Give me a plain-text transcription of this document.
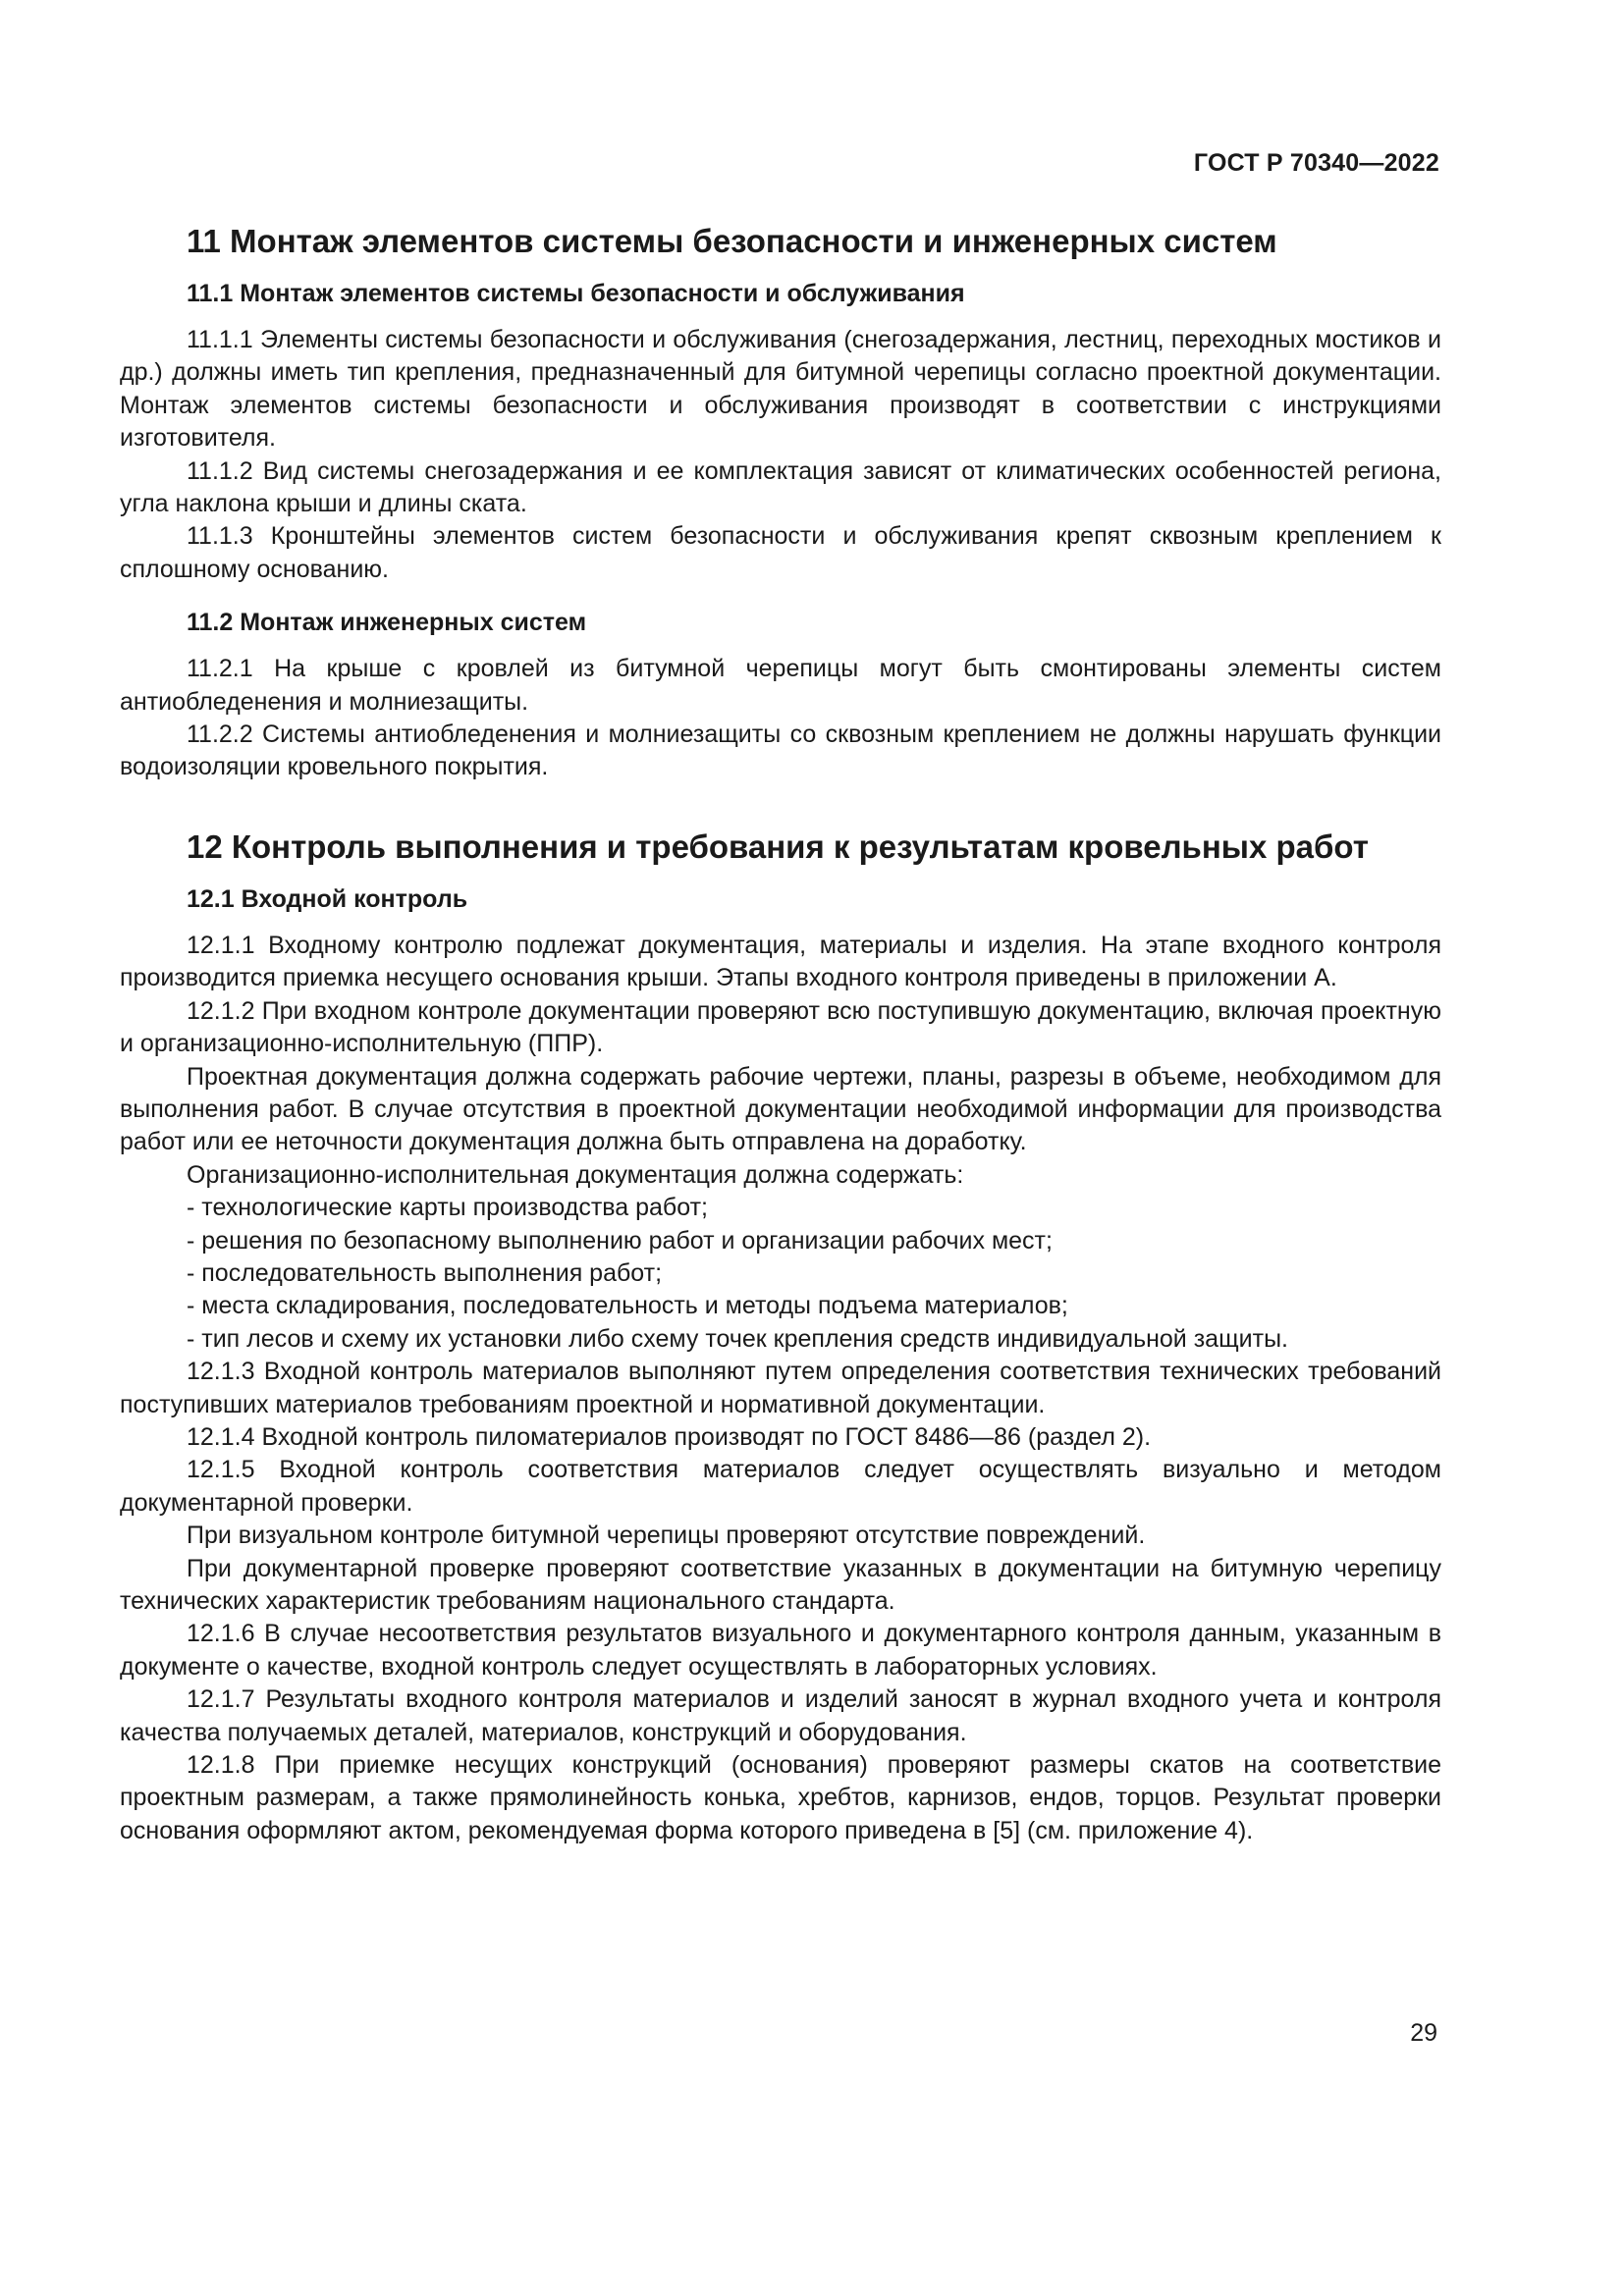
ГОСТ Р 70340—2022
11 Монтаж элементов системы безопасности и инженерных систем
11.1 Монтаж элементов системы безопасности и обслуживания

11.1.1 Элементы системы безопасности и обслуживания (снегозадержания, лестниц, переходных мостиков и др.) должны иметь тип крепления, предназначенный для битумной черепицы согласно проектной документации. Монтаж элементов системы безопасности и обслуживания производят в соответствии с инструкциями изготовителя.

11.1.2 Вид системы снегозадержания и ее комплектация зависят от климатических особенностей региона, угла наклона крыши и длины ската.

11.1.3 Кронштейны элементов систем безопасности и обслуживания крепят сквозным креплением к сплошному основанию.

11.2 Монтаж инженерных систем

11.2.1 На крыше с кровлей из битумной черепицы могут быть смонтированы элементы систем антиобледенения и молниезащиты.

11.2.2 Системы антиобледенения и молниезащиты со сквозным креплением не должны нарушать функции водоизоляции кровельного покрытия.

12 Контроль выполнения и требования к результатам кровельных работ
12.1 Входной контроль

12.1.1 Входному контролю подлежат документация, материалы и изделия. На этапе входного контроля производится приемка несущего основания крыши. Этапы входного контроля приведены в приложении А.

12.1.2 При входном контроле документации проверяют всю поступившую документацию, включая проектную и организационно-исполнительную (ППР).

Проектная документация должна содержать рабочие чертежи, планы, разрезы в объеме, необходимом для выполнения работ. В случае отсутствия в проектной документации необходимой информации для производства работ или ее неточности документация должна быть отправлена на доработку.

Организационно-исполнительная документация должна содержать:

- технологические карты производства работ;
- решения по безопасному выполнению работ и организации рабочих мест;
- последовательность выполнения работ;
- места складирования, последовательность и методы подъема материалов;
- тип лесов и схему их установки либо схему точек крепления средств индивидуальной защиты.

12.1.3 Входной контроль материалов выполняют путем определения соответствия технических требований поступивших материалов требованиям проектной и нормативной документации.

12.1.4 Входной контроль пиломатериалов производят по ГОСТ 8486—86 (раздел 2).

12.1.5 Входной контроль соответствия материалов следует осуществлять визуально и методом документарной проверки.

При визуальном контроле битумной черепицы проверяют отсутствие повреждений.

При документарной проверке проверяют соответствие указанных в документации на битумную черепицу технических характеристик требованиям национального стандарта.

12.1.6 В случае несоответствия результатов визуального и документарного контроля данным, указанным в документе о качестве, входной контроль следует осуществлять в лабораторных условиях.

12.1.7 Результаты входного контроля материалов и изделий заносят в журнал входного учета и контроля качества получаемых деталей, материалов, конструкций и оборудования.

12.1.8 При приемке несущих конструкций (основания) проверяют размеры скатов на соответствие проектным размерам, а также прямолинейность конька, хребтов, карнизов, ендов, торцов. Результат проверки основания оформляют актом, рекомендуемая форма которого приведена в [5] (см. приложение 4).

29
